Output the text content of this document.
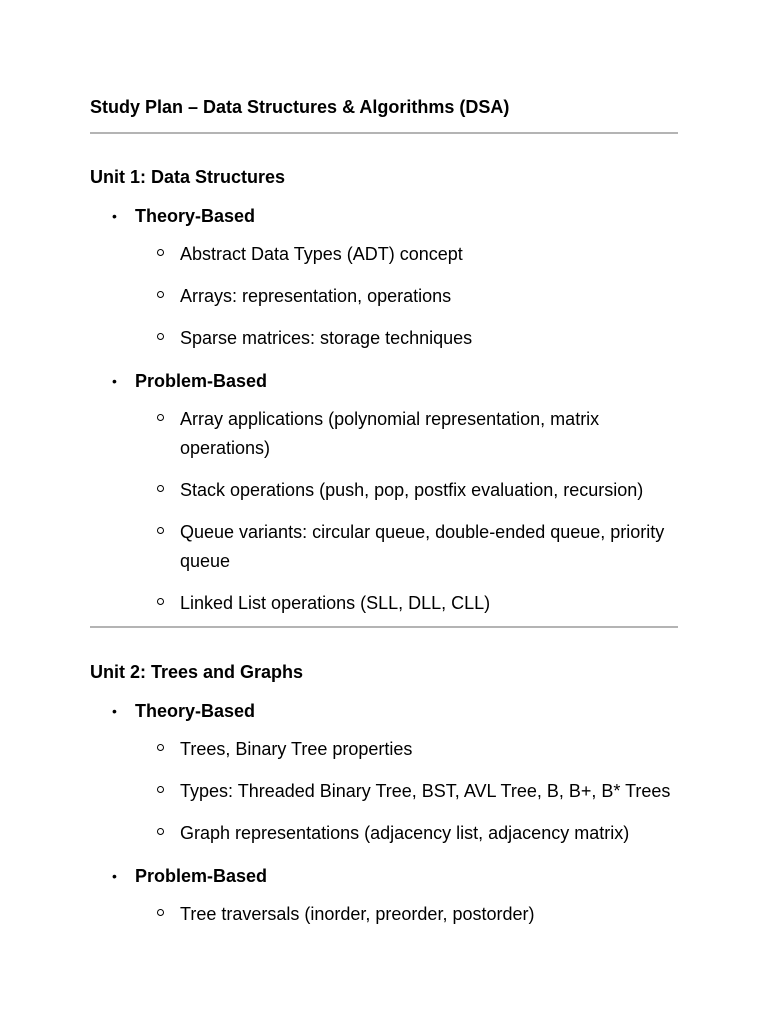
Study Plan – Data Structures & Algorithms (DSA)
Unit 1: Data Structures
• Theory-Based
Abstract Data Types (ADT) concept
Arrays: representation, operations
Sparse matrices: storage techniques
• Problem-Based
Array applications (polynomial representation, matrix operations)
Stack operations (push, pop, postfix evaluation, recursion)
Queue variants: circular queue, double-ended queue, priority queue
Linked List operations (SLL, DLL, CLL)
Unit 2: Trees and Graphs
• Theory-Based
Trees, Binary Tree properties
Types: Threaded Binary Tree, BST, AVL Tree, B, B+, B* Trees
Graph representations (adjacency list, adjacency matrix)
• Problem-Based
Tree traversals (inorder, preorder, postorder)
